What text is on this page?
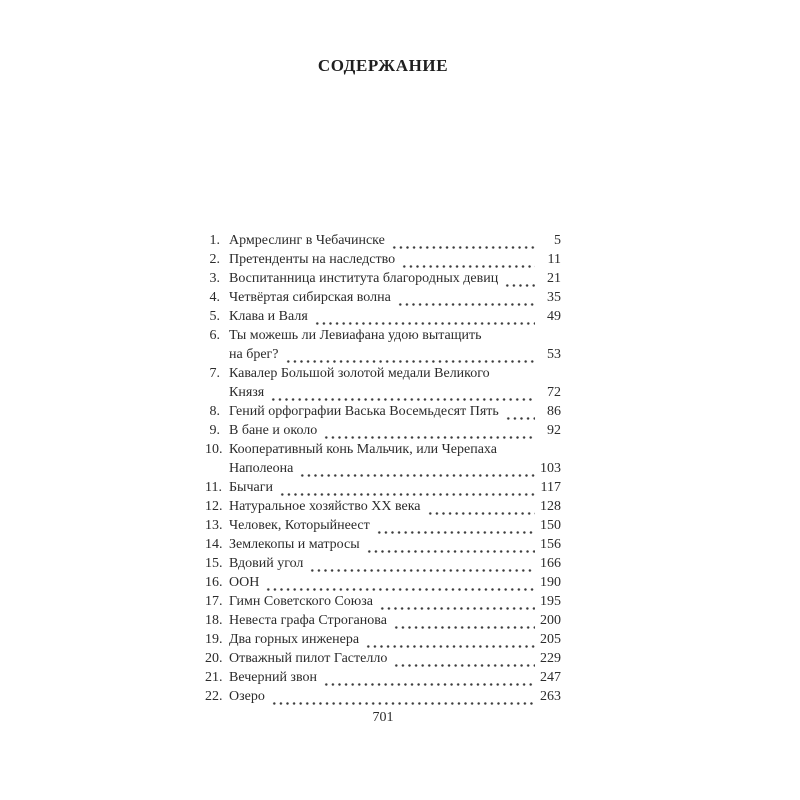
СОДЕРЖАНИЕ
1. Армреслинг в Чебачинске	5
2. Претенденты на наследство	11
3. Воспитанница института благородных девиц	21
4. Четвёртая сибирская волна	35
5. Клава и Валя	49
6. Ты можешь ли Левиафана удою вытащить
на брег?	53
7. Кавалер Большой золотой медали Великого
Князя	72
8. Гений орфографии Васька Восемьдесят Пять	86
9. В бане и около	92
10. Кооперативный конь Мальчик, или Черепаха
Наполеона	103
11. Бычаги	117
12. Натуральное хозяйство ХХ века	128
13. Человек, Которыйнеест	150
14. Землекопы и матросы	156
15. Вдовий угол	166
16. ООН	190
17. Гимн Советского Союза	195
18. Невеста графа Строганова	200
19. Два горных инженера	205
20. Отважный пилот Гастелло	229
21. Вечерний звон	247
22. Озеро	263
701
